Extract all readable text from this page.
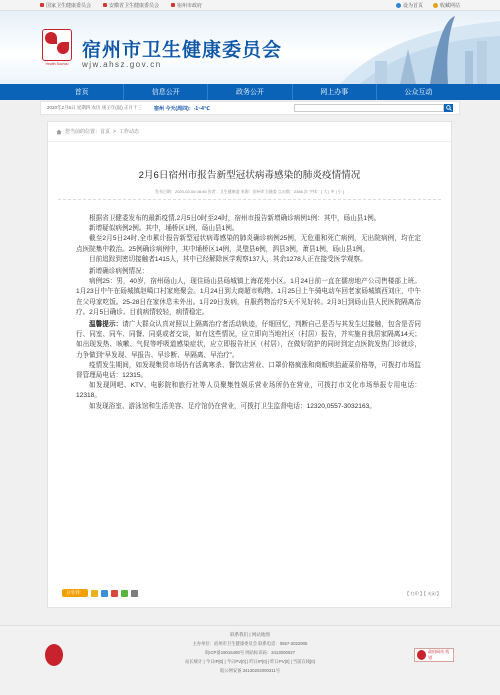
国家卫生健康委员会	安徽省卫生健康委员会	宿州市政府	设为首页	收藏网站
Health Suzhou
宿州市卫生健康委员会
wjw.ahsz.gov.cn
首页	信息公开	政务公开	网上办事	公众互动
2020年2月6日 星期四 农历 庚子年(鼠) 正月十三 宿州 今天(周四)：-1~4℃
您当前的位置：首页 > 工作动态
2月6日宿州市报告新型冠状病毒感染的肺炎疫情情况
发布日期：2020-02-06 08:46 作者：卫生健康委 来源：宿州市卫健委 点击数：2386 次 字体：[ 大 | 中 | 小 ]

根据省卫健委发布的最新疫情,2月5日0时至24时，宿州市报告新增确诊病例1例：其中，砀山县1例。

新增疑似病例2例。其中，埇桥区1例，砀山县1例。

截至2月5日24时,全市累计报告新型冠状病毒感染的肺炎确诊病例25例，无危重和死亡病例，无出院病例，均在定点医院集中救治。25例确诊病例中，其中埇桥区14例，灵璧县6例，泗县3例，萧县1例，砀山县1例。

目前追踪到密切接触者1415人，其中已经解除医学观察137人，其余1278人正在接受医学观察。

新增确诊病例情况：

病例25：男，40岁，宿州砀山人，现住砀山县砀城镇上海花苑小区。1月24日前一直在儒房地产公司售楼部上班。1月23日中午在砀城镇赵噶口村家庭聚会。1月24日到大商超市购物。1月25日上午骑电动车回老家砀城镇西刘庄，中午在父母家吃饭。25-28日在家休息未外出。1月29日发病，自服药物治疗5天不见好转。2月3日到砀山县人民医院隔离治疗。2月5日确诊。目前病情较轻，病情稳定。

温馨提示：请广大群众认真对照以上隔离治疗者活动轨迹，仔细回忆，判断自己是否与其发生过接触，包含是否同行、同室、同车、同餐、同桌或者交谈，如有这些情况，应立即向当地社区（村居）报告，并实施自我居家隔离14天；如出现发热、咳嗽、气促等呼吸道感染症状，应立即报告社区（村居），在做好防护的同时到定点医院发热门诊就诊，力争做到“早发现、早报告、早诊断、早隔离、早治疗”。

疫情发生期间，如发现集贸市场仍有活禽寒杀、餐饮店营业、口罩价格疯涨和商贩哄抬蔬菜价格等，可拨打市场监督管理局电话：12315。

如发现网吧、KTV、电影院和旅行社等人员聚集性娱乐营业场所仍在营业，可拨打市文化市场举报专用电话：12318。

如发现浴室、游泳馆和生活美容、足疗馆仍在营业，可拨打卫生监督电话：12320,0557-3032163。

分享到：	【 打印 】【 关闭 】
联系我们 | 网站地图
主办单位：宿州市卫生健康委员会 联系电话：0557-3022905
皖ICP备19015480号 网站标识码：3413000027
站长统计 | 今日IP[0] | 今日PV[0] | 昨日IP[0] | 昨日PV[0] | 当前在线[0]
皖公网安备 34130202000311号
政府网站 找错
